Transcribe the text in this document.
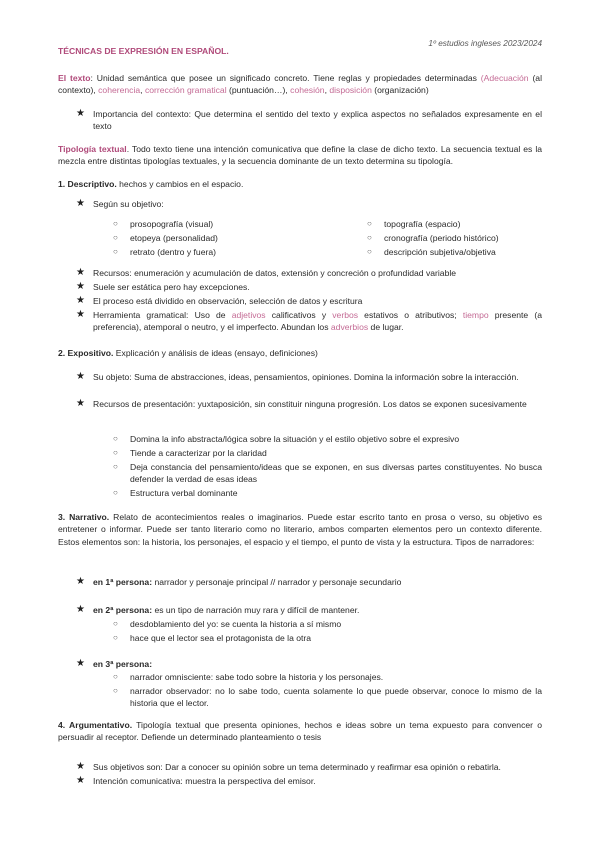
1º estudios ingleses 2023/2024
TÉCNICAS DE EXPRESIÓN EN ESPAÑOL.
El texto: Unidad semántica que posee un significado concreto. Tiene reglas y propiedades determinadas (Adecuación (al contexto), coherencia, corrección gramatical (puntuación…), cohesión, disposición (organización)
★ Importancia del contexto: Que determina el sentido del texto y explica aspectos no señalados expresamente en el texto
Tipología textual. Todo texto tiene una intención comunicativa que define la clase de dicho texto. La secuencia textual es la mezcla entre distintas tipologías textuales, y la secuencia dominante de un texto determina su tipología.
1. Descriptivo. hechos y cambios en el espacio.
★ Según su objetivo:
○ prosopografía (visual)
○ etopeya (personalidad)
○ retrato (dentro y fuera)
○ topografía (espacio)
○ cronografía (periodo histórico)
○ descripción subjetiva/objetiva
★ Recursos: enumeración y acumulación de datos, extensión y concreción o profundidad variable
★ Suele ser estática pero hay excepciones.
★ El proceso está dividido en observación, selección de datos y escritura
★ Herramienta gramatical: Uso de adjetivos calificativos y verbos estativos o atributivos; tiempo presente (a preferencia), atemporal o neutro, y el imperfecto. Abundan los adverbios de lugar.
2. Expositivo. Explicación y análisis de ideas (ensayo, definiciones)
★ Su objeto: Suma de abstracciones, ideas, pensamientos, opiniones. Domina la información sobre la interacción.
★ Recursos de presentación: yuxtaposición, sin constituir ninguna progresión. Los datos se exponen sucesivamente
○ Domina la info abstracta/lógica sobre la situación y el estilo objetivo sobre el expresivo
○ Tiende a caracterizar por la claridad
○ Deja constancia del pensamiento/ideas que se exponen, en sus diversas partes constituyentes. No busca defender la verdad de esas ideas
○ Estructura verbal dominante
3. Narrativo. Relato de acontecimientos reales o imaginarios. Puede estar escrito tanto en prosa o verso, su objetivo es entretener o informar. Puede ser tanto literario como no literario, ambos comparten elementos pero un contexto diferente. Estos elementos son: la historia, los personajes, el espacio y el tiempo, el punto de vista y la estructura. Tipos de narradores:
★ en 1ª persona: narrador y personaje principal // narrador y personaje secundario
★ en 2ª persona: es un tipo de narración muy rara y difícil de mantener.
○ desdoblamiento del yo: se cuenta la historia a sí mismo
○ hace que el lector sea el protagonista de la otra
★ en 3ª persona:
○ narrador omnisciente: sabe todo sobre la historia y los personajes.
○ narrador observador: no lo sabe todo, cuenta solamente lo que puede observar, conoce lo mismo de la historia que el lector.
4. Argumentativo. Tipología textual que presenta opiniones, hechos e ideas sobre un tema expuesto para convencer o persuadir al receptor. Defiende un determinado planteamiento o tesis
★ Sus objetivos son: Dar a conocer su opinión sobre un tema determinado y reafirmar esa opinión o rebatirla.
★ Intención comunicativa: muestra la perspectiva del emisor.
